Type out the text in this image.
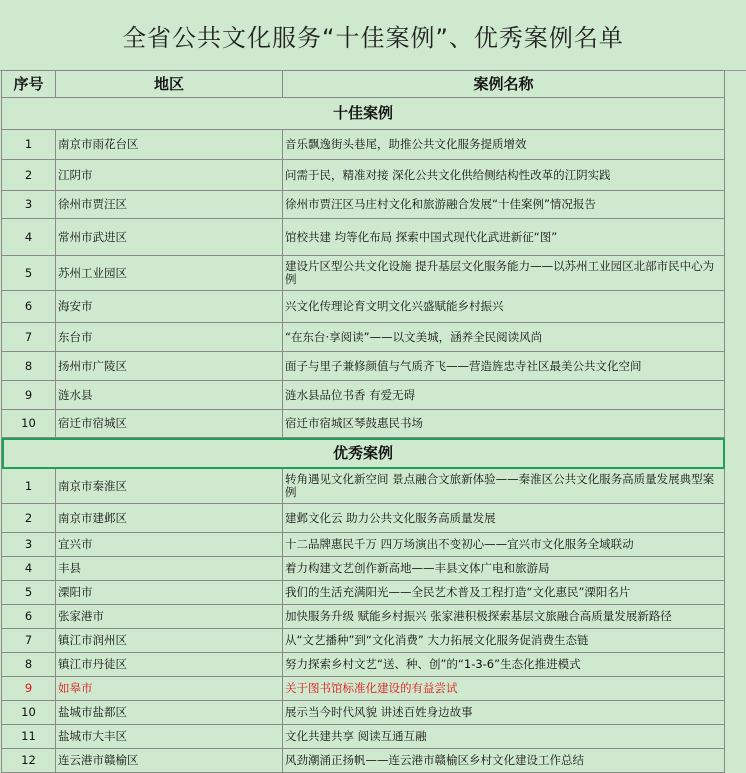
全省公共文化服务“十佳案例”、优秀案例名单
序号	地区	案例名称
十佳案例		
1	南京市雨花台区	音乐飘逸街头巷尾，助推公共文化服务提质增效
2	江阴市	问需于民，精准对接 深化公共文化供给侧结构性改革的江阴实践
3	徐州市贾汪区	徐州市贾汪区马庄村文化和旅游融合发展“十佳案例”情况报告
4	常州市武进区	馆校共建 均等化布局 探索中国式现代化武进新征“图”
5	苏州工业园区	建设片区型公共文化设施 提升基层文化服务能力——以苏州工业园区北部市民中心为例
6	海安市	兴文化传理论育文明文化兴盛赋能乡村振兴
7	东台市	“在东台·享阅读”——以文美城，涵养全民阅读风尚
8	扬州市广陵区	面子与里子兼修颜值与气质齐飞——营造旌忠寺社区最美公共文化空间
9	涟水县	涟水县品位书香 有爱无碍
10	宿迁市宿城区	宿迁市宿城区琴鼓惠民书场
优秀案例		
1	南京市秦淮区	转角遇见文化新空间 景点融合文旅新体验——秦淮区公共文化服务高质量发展典型案例
2	南京市建邺区	建邺文化云 助力公共文化服务高质量发展
3	宜兴市	十二品牌惠民千万 四万场演出不变初心——宜兴市文化服务全域联动
4	丰县	着力构建文艺创作新高地——丰县文体广电和旅游局
5	溧阳市	我们的生活充满阳光——全民艺术普及工程打造“文化惠民”溧阳名片
6	张家港市	加快服务升级 赋能乡村振兴 张家港积极探索基层文旅融合高质量发展新路径
7	镇江市润州区	从“文艺播种”到“文化消费” 大力拓展文化服务促消费生态链
8	镇江市丹徒区	努力探索乡村文艺“送、种、创”的“1-3-6”生态化推进模式
9	如皋市	关于图书馆标准化建设的有益尝试
10	盐城市盐都区	展示当今时代风貌 讲述百姓身边故事
11	盐城市大丰区	文化共建共享 阅读互通互融
12	连云港市赣榆区	风劲潮涌正扬帆——连云港市赣榆区乡村文化建设工作总结
